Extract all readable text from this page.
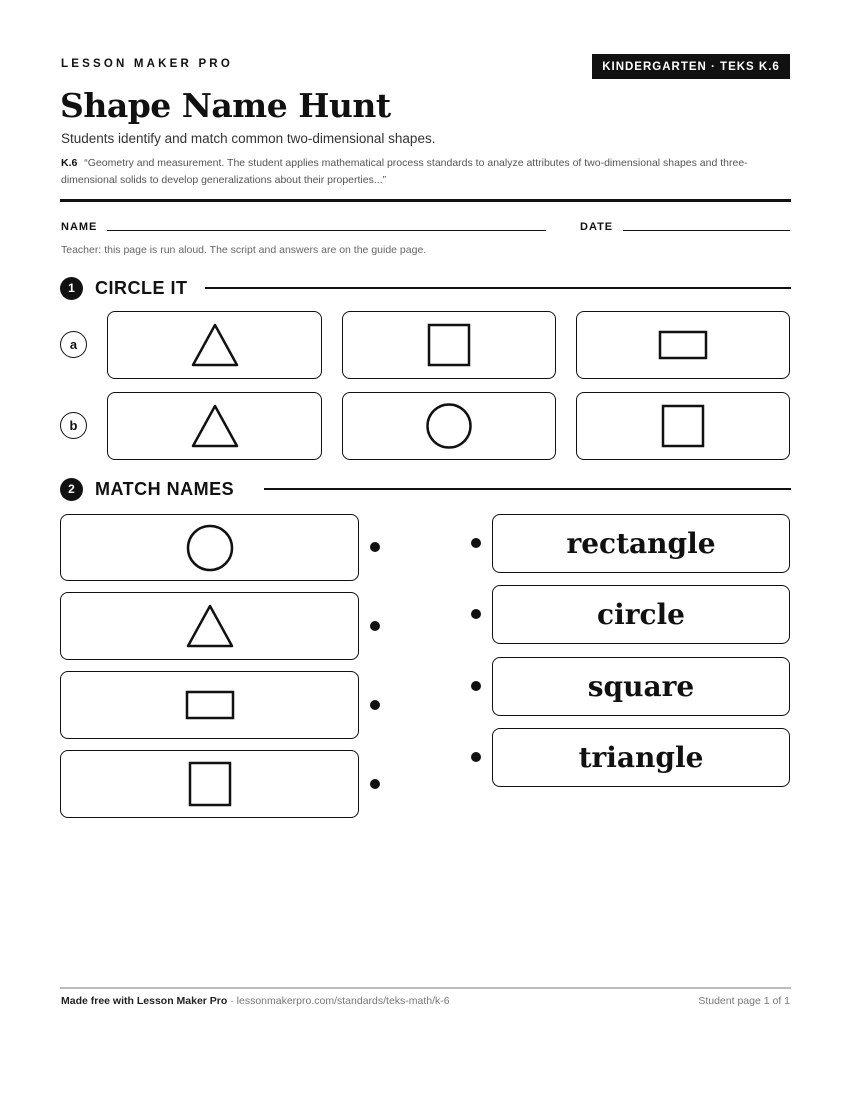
LESSON MAKER PRO	KINDERGARTEN · TEKS K.6
Shape Name Hunt
Students identify and match common two-dimensional shapes.
K.6 “Geometry and measurement. The student applies mathematical process standards to analyze attributes of two-dimensional shapes and three-dimensional solids to develop generalizations about their properties...”
NAME	DATE
Teacher: this page is run aloud. The script and answers are on the guide page.
1	CIRCLE IT
a
b
2	MATCH NAMES
rectangle
circle
square
triangle
Made free with Lesson Maker Pro · lessonmakerpro.com/standards/teks-math/k-6	Student page 1 of 1
